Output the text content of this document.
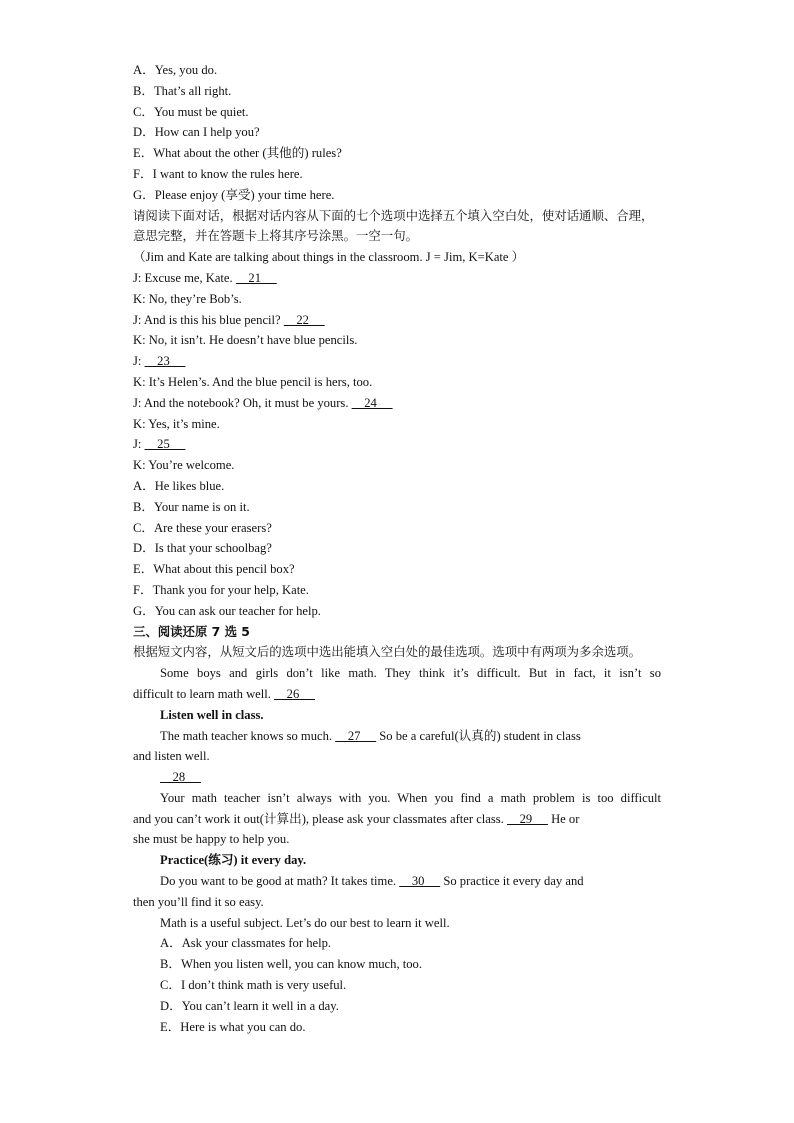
A．Yes, you do.
B．That’s all right.
C．You must be quiet.
D．How can I help you?
E．What about the other (其他的) rules?
F．I want to know the rules here.
G．Please enjoy (享受) your time here.
请阅读下面对话，根据对话内容从下面的七个选项中选择五个填入空白处，使对话通顺、合理，意思完整，并在答题卡上将其序号涂黑。一空一句。
（Jim and Kate are talking about things in the classroom. J = Jim, K=Kate ）
J: Excuse me, Kate.     21
K: No, they’re Bob’s.
J: And is this his blue pencil?     22
K: No, it isn’t. He doesn’t have blue pencils.
J:     23
K: It’s Helen’s. And the blue pencil is hers, too.
J: And the notebook? Oh, it must be yours.     24
K: Yes, it’s mine.
J:     25
K: You’re welcome.
A．He likes blue.
B．Your name is on it.
C．Are these your erasers?
D．Is that your schoolbag?
E．What about this pencil box?
F．Thank you for your help, Kate.
G．You can ask our teacher for help.
三、阅读还原 7 选 5
根据短文内容，从短文后的选项中选出能填入空白处的最佳选项。选项中有两项为多余选项。
Some boys and girls don’t like math. They think it’s difficult. But in fact, it isn’t so
difficult to learn math well.     26
Listen well in class.
The math teacher knows so much.     27      So be a careful(认真的) student in class
and listen well.
28
Your math teacher isn’t always with you. When you find a math problem is too difficult
and you can’t work it out(计算出), please ask your classmates after class.     29      He or
she must be happy to help you.
Practice(练习) it every day.
Do you want to be good at math? It takes time.     30      So practice it every day and
then you’ll find it so easy.
Math is a useful subject. Let’s do our best to learn it well.
A．Ask your classmates for help.
B．When you listen well, you can know much, too.
C．I don’t think math is very useful.
D．You can’t learn it well in a day.
E．Here is what you can do.
